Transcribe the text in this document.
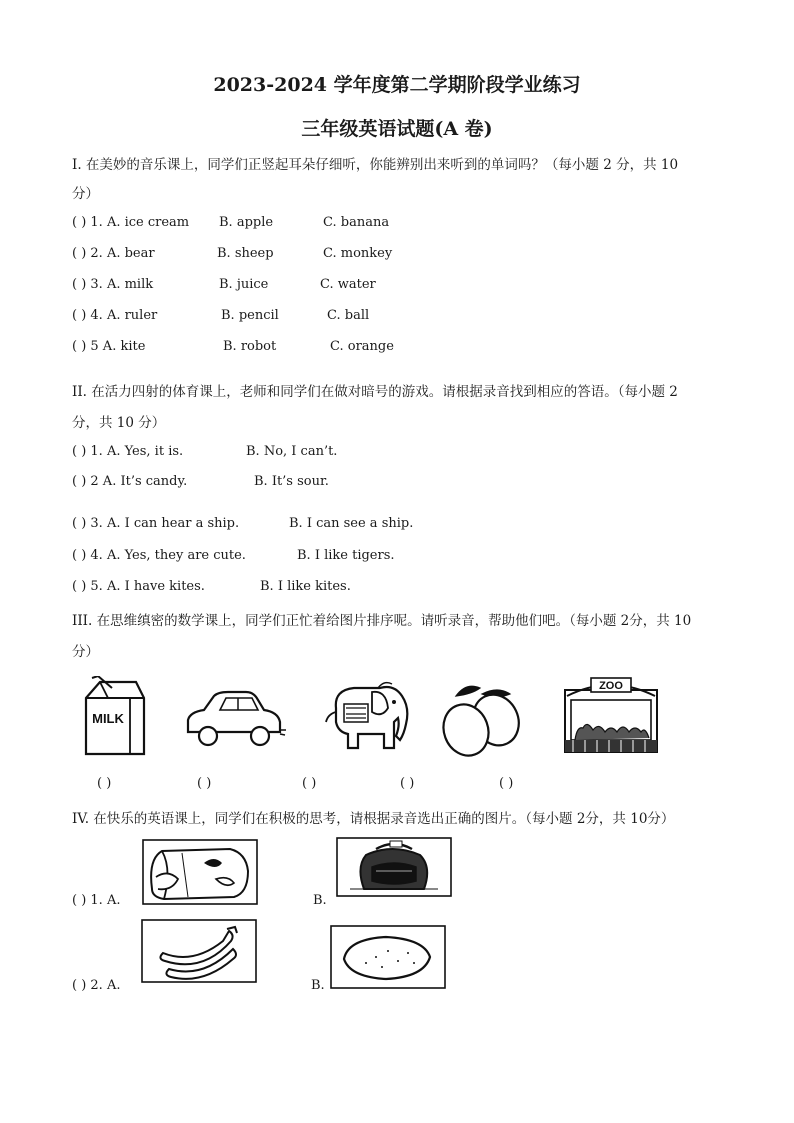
2023-2024 学年度第二学期阶段学业练习
三年级英语试题(A 卷)
I. 在美妙的音乐课上，同学们正竖起耳朵仔细听，你能辨别出来听到的单词吗？（每小题 2 分，共 10
分）
( ) 1. A. ice cream B. apple	C. banana
( ) 2. A. bear	B. sheep	C. monkey
( ) 3. A. milk	B. juice	C. water
( ) 4. A. ruler	B. pencil	C. ball
( ) 5 A. kite	B. robot	C. orange
II. 在活力四射的体育课上，老师和同学们在做对暗号的游戏。请根据录音找到相应的答语。（每小题 2
分，共 10 分）
( ) 1. A. Yes, it is.	B. No, I can’t.
( ) 2 A. It’s candy.	B. It’s sour.
( ) 3. A. I can hear a ship.	B. I can see a ship.
( ) 4. A. Yes, they are cute.	B. I like tigers.
( ) 5. A. I have kites.	B. I like kites.
III. 在思维缜密的数学课上，同学们正忙着给图片排序呢。请听录音，帮助他们吧。（每小题 2分，共 10
分）
MILK
ZOO
( )	( )	( )	( )	( )
IV. 在快乐的英语课上，同学们在积极的思考，请根据录音选出正确的图片。（每小题 2分，共 10分）
( ) 1. A.	B.
( ) 2. A.	B.
